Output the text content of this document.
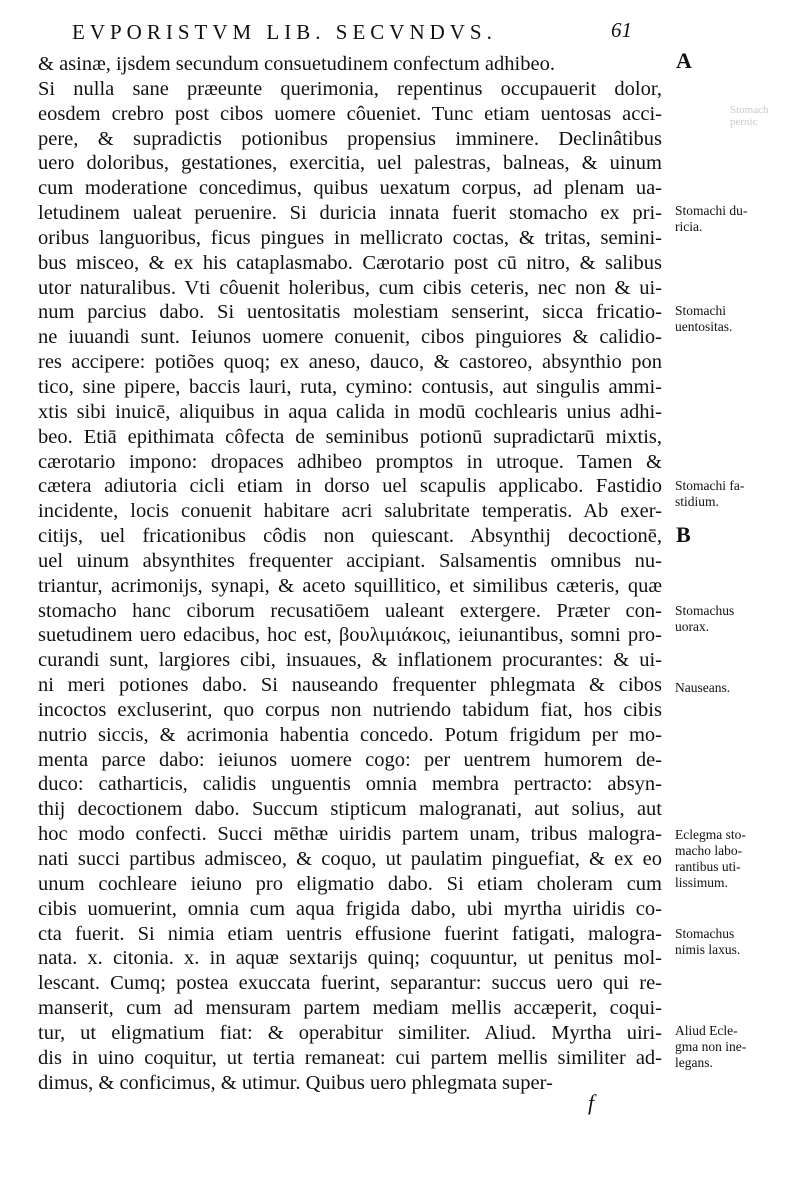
EVPORISTVM LIB. SECVNDVS.	61
Stomach
pernic
& asinæ, ijsdem secundum consuetudinem confectum adhibeo.
Si nulla sane præeunte querimonia, repentinus occupauerit dolor,
eosdem crebro post cibos uomere côueniet. Tunc etiam uentosas acci-
pere, & supradictis potionibus propensius imminere. Declinâtibus
uero doloribus, gestationes, exercitia, uel palestras, balneas, & uinum
cum moderatione concedimus, quibus uexatum corpus, ad plenam ua-
letudinem ualeat peruenire. Si duricia innata fuerit stomacho ex pri-
oribus languoribus, ficus pingues in mellicrato coctas, & tritas, semini-
bus misceo, & ex his cataplasmabo. Cærotario post cū nitro, & salibus
utor naturalibus. Vti côuenit holeribus, cum cibis ceteris, nec non & ui-
num parcius dabo. Si uentositatis molestiam senserint, sicca fricatio-
ne iuuandi sunt. Ieiunos uomere conuenit, cibos pinguiores & calidio-
res accipere: potiões quoq; ex aneso, dauco, & castoreo, absynthio pon
tico, sine pipere, baccis lauri, ruta, cymino: contusis, aut singulis ammi-
xtis sibi inuicē, aliquibus in aqua calida in modū cochlearis unius adhi-
beo. Etiā epithimata côfecta de seminibus potionū supradictarū mixtis,
cærotario impono: dropaces adhibeo promptos in utroque. Tamen &
cætera adiutoria cicli etiam in dorso uel scapulis applicabo. Fastidio
incidente, locis conuenit habitare acri salubritate temperatis. Ab exer-
citijs, uel fricationibus côdis non quiescant. Absynthij decoctionē,
uel uinum absynthites frequenter accipiant. Salsamentis omnibus nu-
triantur, acrimonijs, synapi, & aceto squillitico, et similibus cæteris, quæ
stomacho hanc ciborum recusatiōem ualeant extergere. Præter con-
suetudinem uero edacibus, hoc est, βουλιμιάκοις, ieiunantibus, somni pro-
curandi sunt, largiores cibi, insuaues, & inflationem procurantes: & ui-
ni meri potiones dabo. Si nauseando frequenter phlegmata & cibos
incoctos excluserint, quo corpus non nutriendo tabidum fiat, hos cibis
nutrio siccis, & acrimonia habentia concedo. Potum frigidum per mo-
menta parce dabo: ieiunos uomere cogo: per uentrem humorem de-
duco: catharticis, calidis unguentis omnia membra pertracto: absyn-
thij decoctionem dabo. Succum stipticum malogranati, aut solius, aut
hoc modo confecti. Succi mēthæ uiridis partem unam, tribus malogra-
nati succi partibus admisceo, & coquo, ut paulatim pinguefiat, & ex eo
unum cochleare ieiuno pro eligmatio dabo. Si etiam choleram cum
cibis uomuerint, omnia cum aqua frigida dabo, ubi myrtha uiridis co-
cta fuerit. Si nimia etiam uentris effusione fuerint fatigati, malogra-
nata. x. citonia. x. in aquæ sextarijs quinq; coquuntur, ut penitus mol-
lescant. Cumq; postea exuccata fuerint, separantur: succus uero qui re-
manserit, cum ad mensuram partem mediam mellis accæperit, coqui-
tur, ut eligmatium fiat: & operabitur similiter. Aliud. Myrtha uiri-
dis in uino coquitur, ut tertia remaneat: cui partem mellis similiter ad-
dimus, & conficimus, & utimur. Quibus uero phlegmata super-
f
A
B
Stomachi du-
ricia.
Stomachi
uentositas.
Stomachi fa-
stidium.
Stomachus
uorax.
Nauseans.
Eclegma sto-
macho labo-
rantibus uti-
lissimum.
Stomachus
nimis laxus.
Aliud Ecle-
gma non ine-
legans.
